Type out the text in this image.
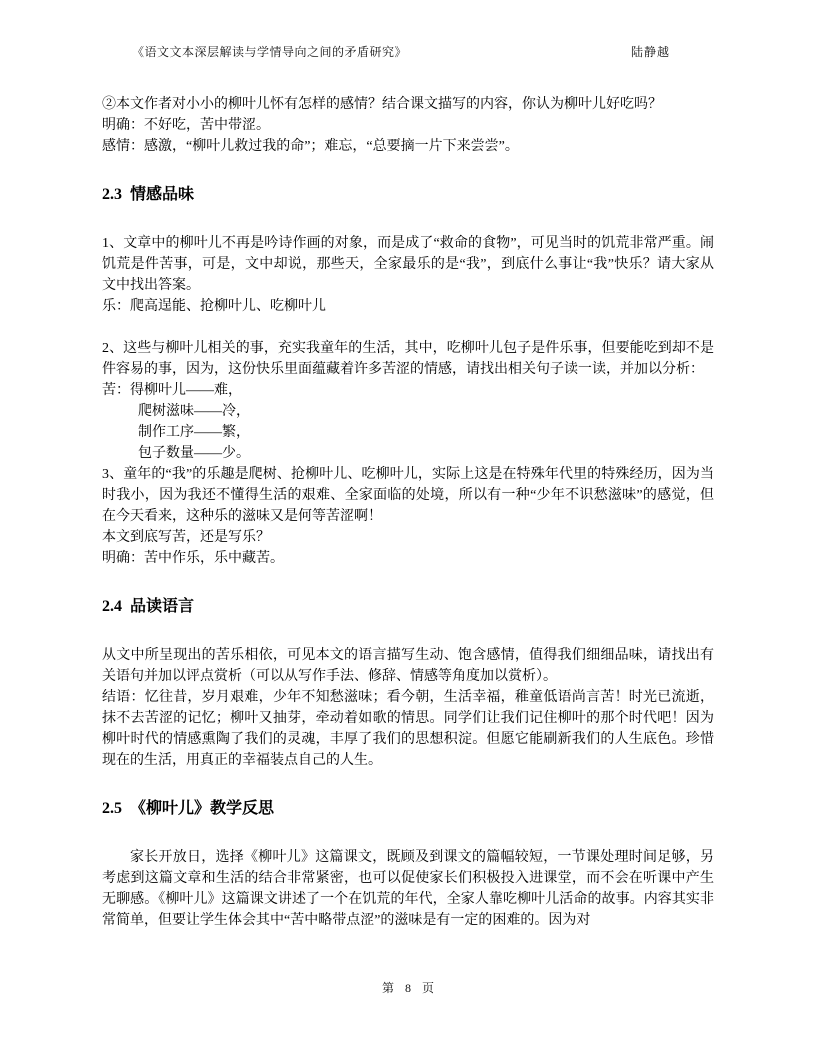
《语文文本深层解读与学情导向之间的矛盾研究》	陆静越

②本文作者对小小的柳叶儿怀有怎样的感情？结合课文描写的内容，你认为柳叶儿好吃吗？

明确：不好吃，苦中带涩。

感情：感激，“柳叶儿救过我的命”；难忘，“总要摘一片下来尝尝”。

2.3 情感品味

1、文章中的柳叶儿不再是吟诗作画的对象，而是成了“救命的食物”，可见当时的饥荒非常严重。闹饥荒是件苦事，可是，文中却说，那些天，全家最乐的是“我”，到底什么事让“我”快乐？请大家从文中找出答案。

乐：爬高逞能、抢柳叶儿、吃柳叶儿

2、这些与柳叶儿相关的事，充实我童年的生活，其中，吃柳叶儿包子是件乐事，但要能吃到却不是件容易的事，因为，这份快乐里面蕴藏着许多苦涩的情感，请找出相关句子读一读，并加以分析：

苦：得柳叶儿——难，

爬树滋味——冷，

制作工序——繁，

包子数量——少。

3、童年的“我”的乐趣是爬树、抢柳叶儿、吃柳叶儿，实际上这是在特殊年代里的特殊经历，因为当时我小，因为我还不懂得生活的艰难、全家面临的处境，所以有一种“少年不识愁滋味”的感觉，但在今天看来，这种乐的滋味又是何等苦涩啊！

本文到底写苦，还是写乐？

明确：苦中作乐，乐中藏苦。

2.4 品读语言

从文中所呈现出的苦乐相依，可见本文的语言描写生动、饱含感情，值得我们细细品味，请找出有关语句并加以评点赏析（可以从写作手法、修辞、情感等角度加以赏析）。

结语：忆往昔，岁月艰难，少年不知愁滋味；看今朝，生活幸福，稚童低语尚言苦！时光已流逝，抹不去苦涩的记忆；柳叶又抽芽，牵动着如歌的情思。同学们让我们记住柳叶的那个时代吧！因为柳叶时代的情感熏陶了我们的灵魂，丰厚了我们的思想积淀。但愿它能刷新我们的人生底色。珍惜现在的生活，用真正的幸福装点自己的人生。

2.5 《柳叶儿》教学反思

家长开放日，选择《柳叶儿》这篇课文，既顾及到课文的篇幅较短，一节课处理时间足够，另考虑到这篇文章和生活的结合非常紧密，也可以促使家长们积极投入进课堂，而不会在听课中产生无聊感。《柳叶儿》这篇课文讲述了一个在饥荒的年代，全家人靠吃柳叶儿活命的故事。内容其实非常简单，但要让学生体会其中“苦中略带点涩”的滋味是有一定的困难的。因为对

第 8 页
